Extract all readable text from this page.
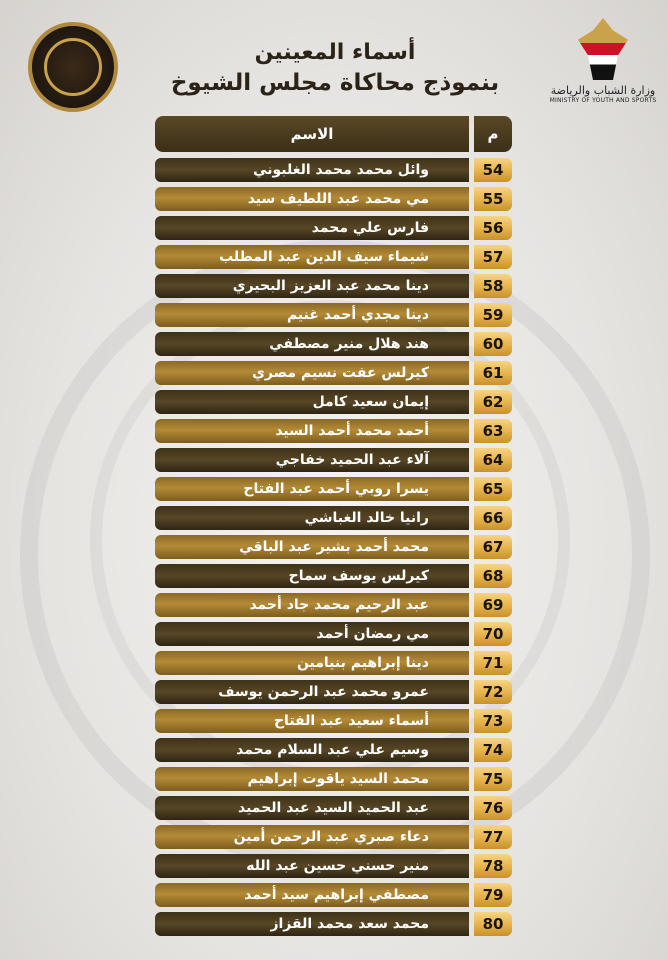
أسماء المعينين
بنموذج محاكاة مجلس الشيوخ	وزارة الشباب والرياضة
MINISTRY OF YOUTH AND SPORTS
م
الاسم
54
وائل محمد محمد الغلبوني
55
مي محمد عبد اللطيف سيد
56
فارس علي محمد
57
شيماء سيف الدين عبد المطلب
58
دينا محمد عبد العزيز البحيري
59
دينا مجدي أحمد غنيم
60
هند هلال منير مصطفي
61
كيرلس عفت نسيم مصري
62
إيمان سعيد كامل
63
أحمد محمد أحمد السيد
64
آلاء عبد الحميد خفاجي
65
يسرا روبي أحمد عبد الفتاح
66
رانيا خالد الغباشي
67
محمد أحمد بشير عبد الباقي
68
كيرلس يوسف سماح
69
عبد الرحيم محمد جاد أحمد
70
مي رمضان أحمد
71
دينا إبراهيم بنيامين
72
عمرو محمد عبد الرحمن يوسف
73
أسماء سعيد عبد الفتاح
74
وسيم علي عبد السلام محمد
75
محمد السيد ياقوت إبراهيم
76
عبد الحميد السيد عبد الحميد
77
دعاء صبري عبد الرحمن أمين
78
منير حسني حسين عبد الله
79
مصطفي إبراهيم سيد أحمد
80
محمد سعد محمد القزاز
